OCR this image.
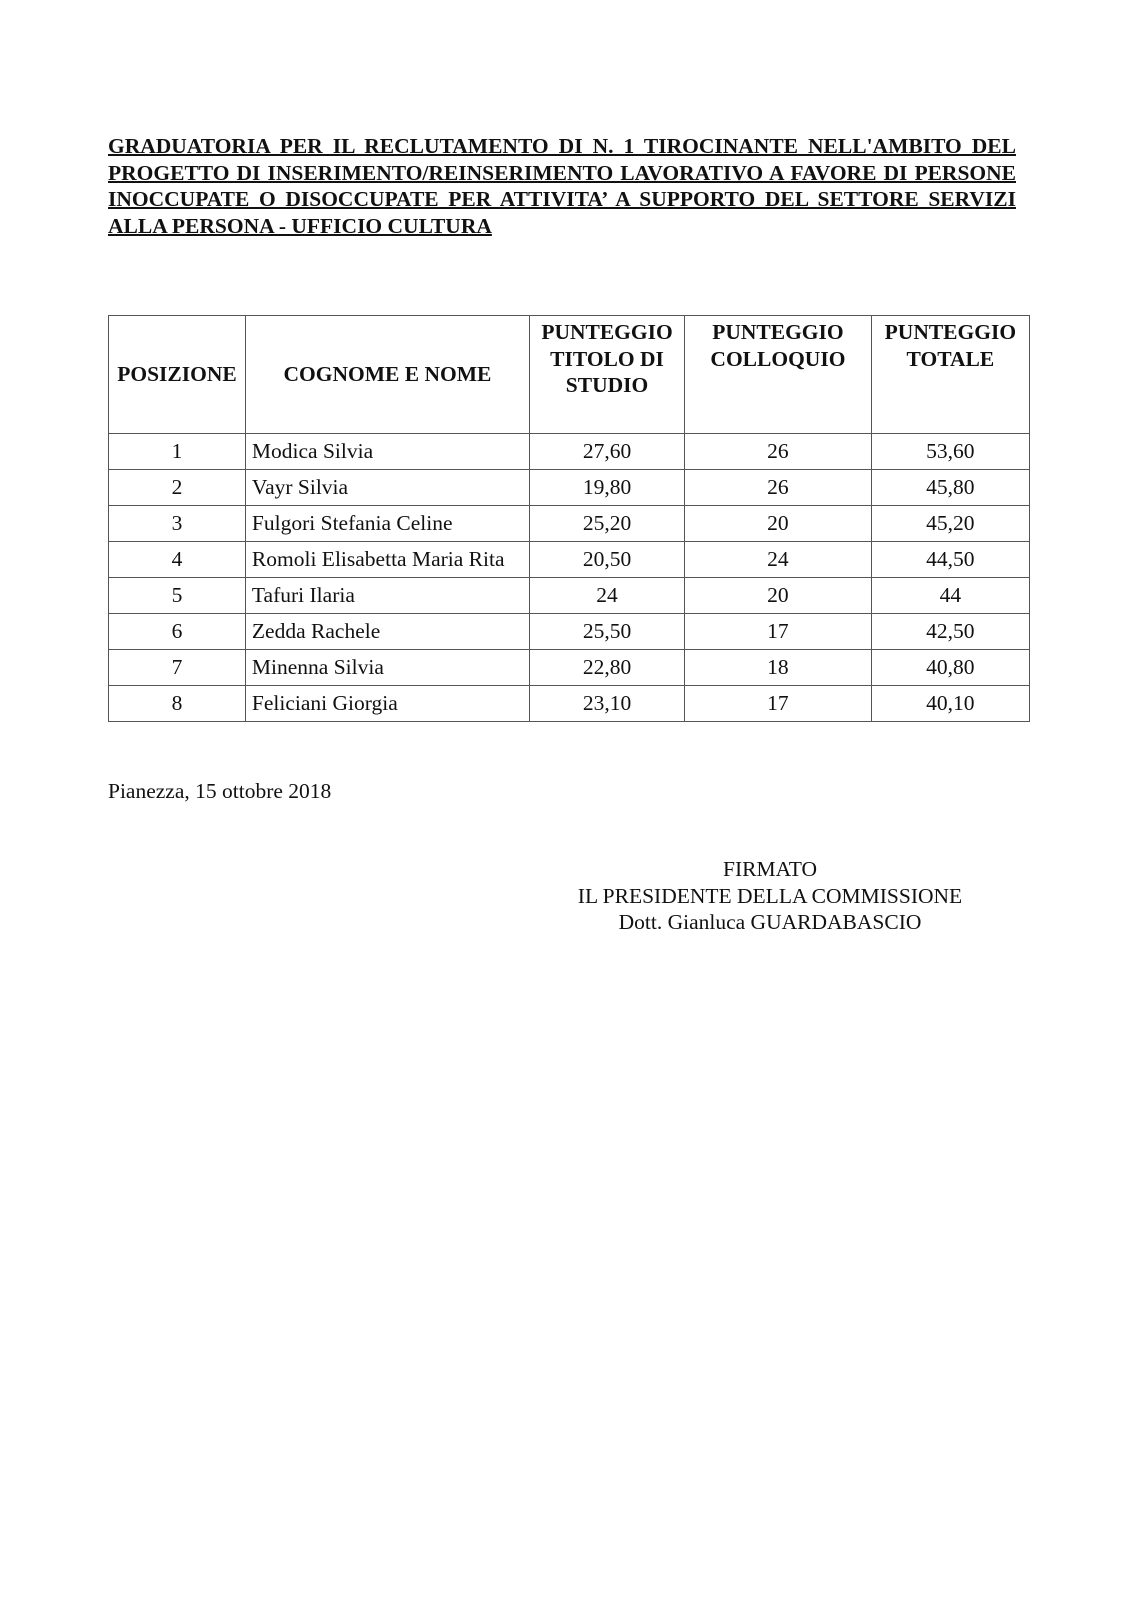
GRADUATORIA PER IL RECLUTAMENTO DI N. 1 TIROCINANTE NELL'AMBITO DEL PROGETTO DI INSERIMENTO/REINSERIMENTO LAVORATIVO A FAVORE DI PERSONE INOCCUPATE O DISOCCUPATE PER ATTIVITA’ A SUPPORTO DEL SETTORE SERVIZI ALLA PERSONA - UFFICIO CULTURA
POSIZIONE	COGNOME E NOME	PUNTEGGIO TITOLO DI STUDIO	PUNTEGGIO COLLOQUIO	PUNTEGGIO TOTALE
1	Modica Silvia	27,60	26	53,60
2	Vayr Silvia	19,80	26	45,80
3	Fulgori Stefania Celine	25,20	20	45,20
4	Romoli Elisabetta Maria Rita	20,50	24	44,50
5	Tafuri Ilaria	24	20	44
6	Zedda Rachele	25,50	17	42,50
7	Minenna Silvia	22,80	18	40,80
8	Feliciani Giorgia	23,10	17	40,10
Pianezza, 15 ottobre 2018
FIRMATO
IL PRESIDENTE DELLA COMMISSIONE
Dott. Gianluca GUARDABASCIO
